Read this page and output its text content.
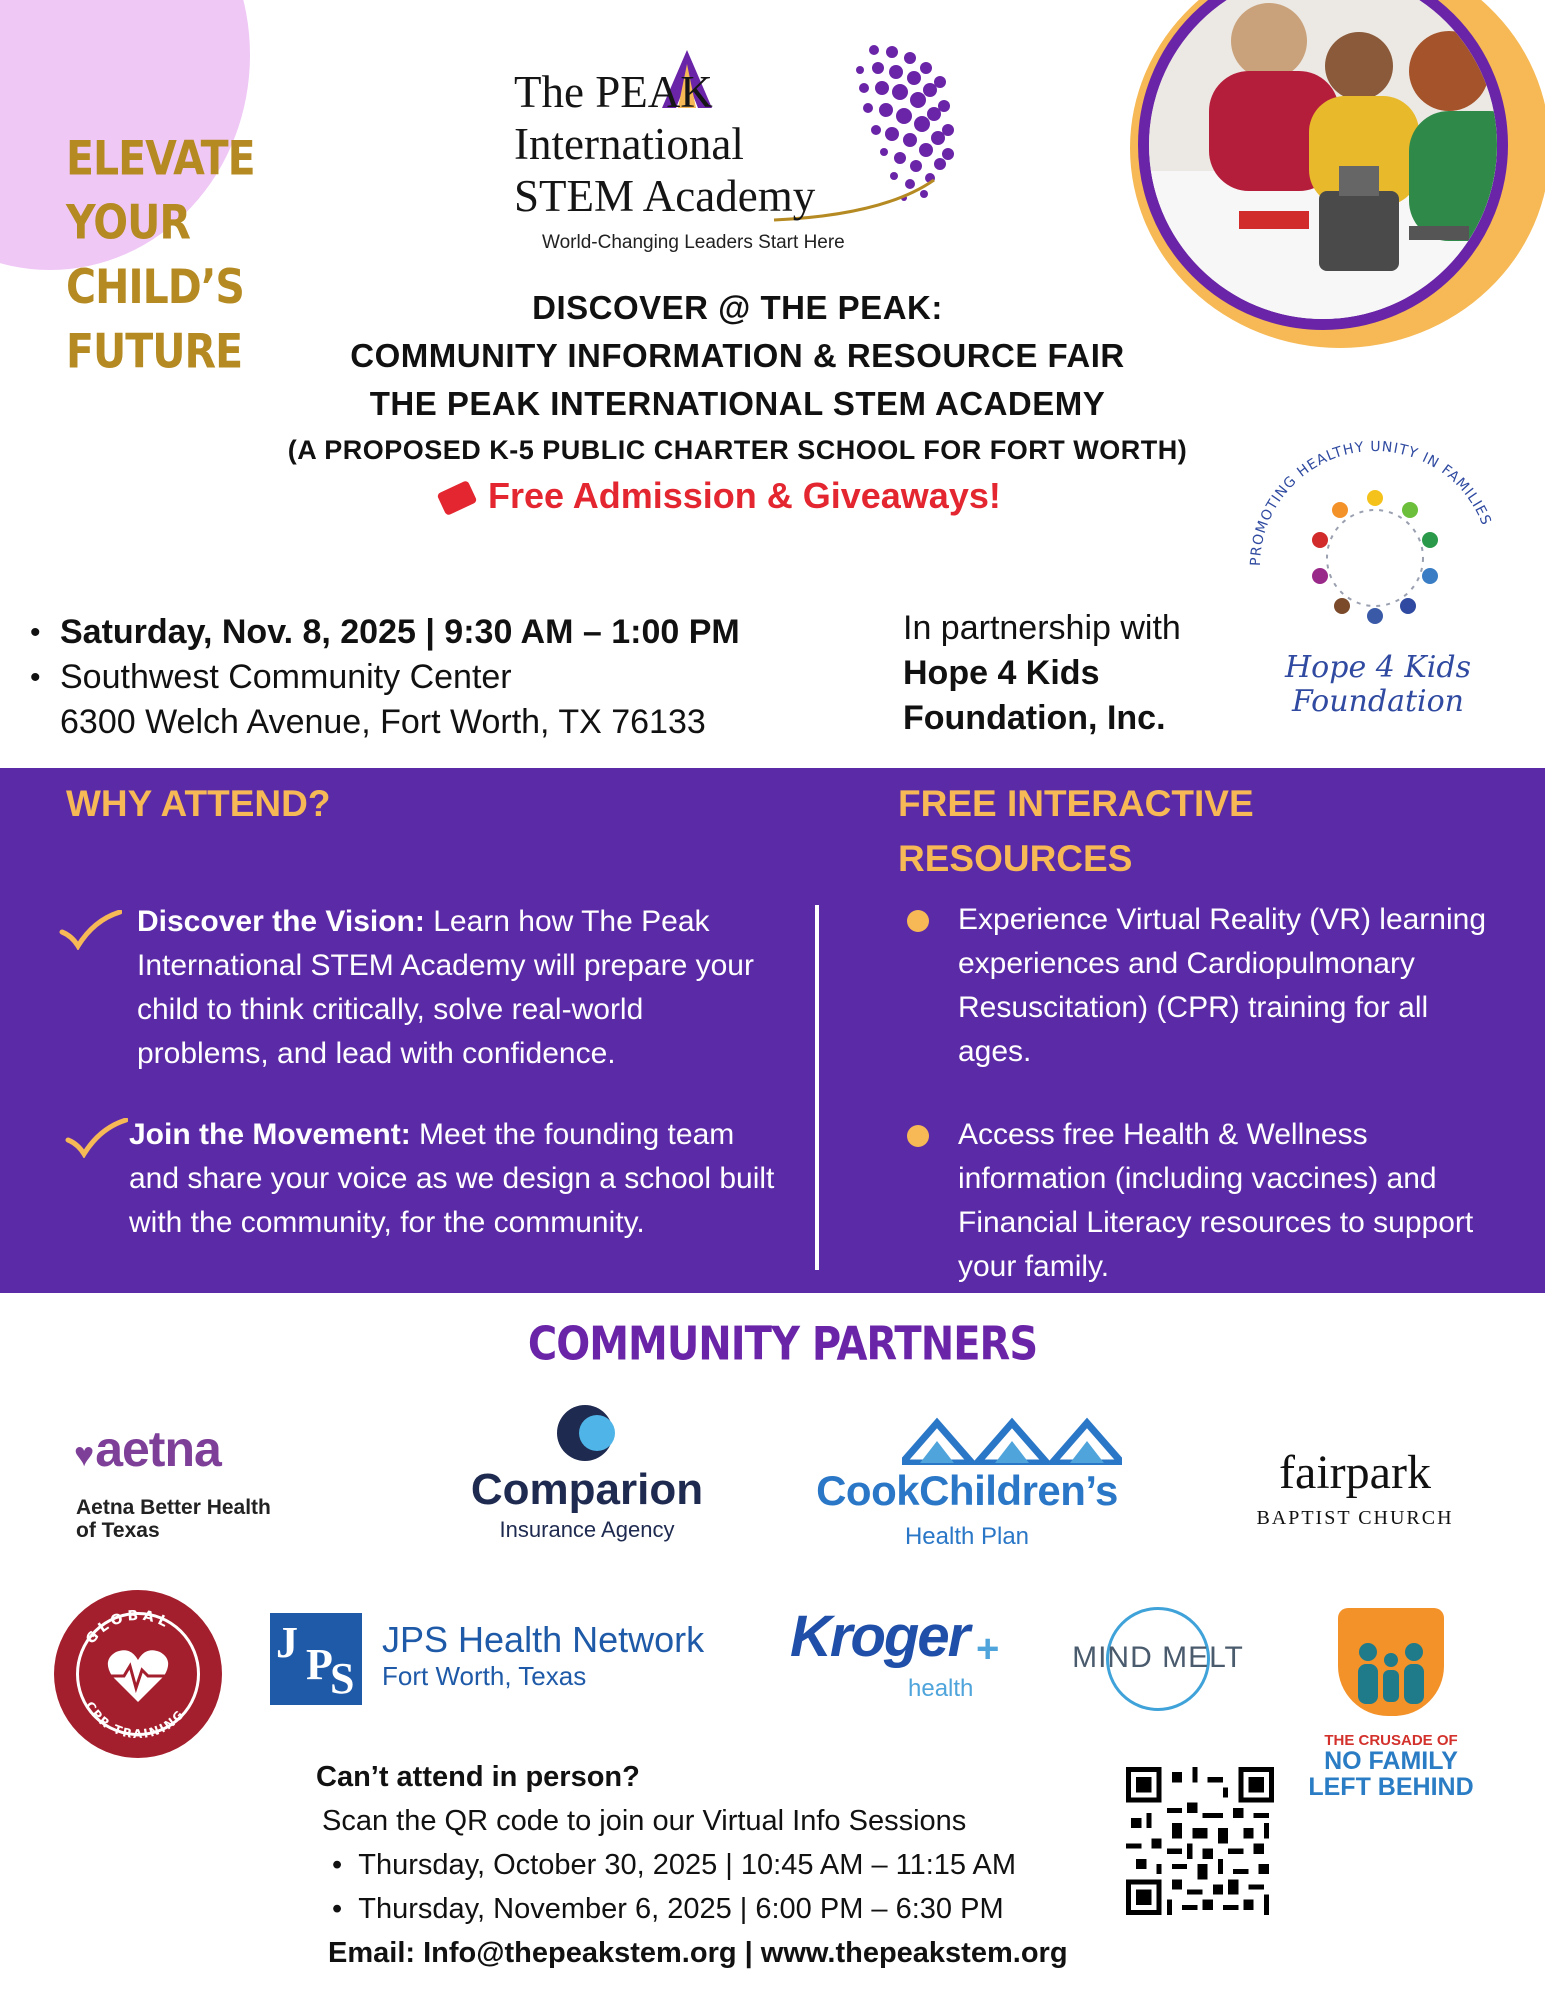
ELEVATE YOUR
CHILD’S FUTURE
The PEAK
International
STEM Academy
World-Changing Leaders Start Here
DISCOVER @ THE PEAK:
COMMUNITY INFORMATION & RESOURCE FAIR
THE PEAK INTERNATIONAL STEM ACADEMY
(A PROPOSED K-5 PUBLIC CHARTER SCHOOL FOR FORT WORTH)
Free Admission & Giveaways!
• Saturday, Nov. 8, 2025 | 9:30 AM – 1:00 PM
• Southwest Community Center
6300 Welch Avenue, Fort Worth, TX 76133
In partnership with
Hope 4 Kids
Foundation, Inc.
PROMOTING HEALTHY UNITY IN FAMILIES
Hope 4 Kids
Foundation
WHY ATTEND?	FREE INTERACTIVE RESOURCES
Discover the Vision: Learn how The Peak International STEM Academy will prepare your child to think critically, solve real-world problems, and lead with confidence.
Join the Movement: Meet the founding team and share your voice as we design a school built with the community, for the community.
Experience Virtual Reality (VR) learning experiences and Cardiopulmonary Resuscitation) (CPR) training for all ages.
Access free Health & Wellness information (including vaccines) and Financial Literacy resources to support your family.
COMMUNITY PARTNERS
♥aetna
Aetna Better Health
of Texas
Comparion
Insurance Agency
CookChildren’s
Health Plan
fairpark
BAPTIST CHURCH
GLOBAL
CPR TRAINING
J P
S
JPS Health Network
Fort Worth, Texas
Kroger +
health
MIND MELT
THE CRUSADE OF
NO FAMILY
LEFT BEHIND
Can’t attend in person?
Scan the QR code to join our Virtual Info Sessions
•  Thursday, October 30, 2025 | 10:45 AM – 11:15 AM
•  Thursday, November 6, 2025 | 6:00 PM – 6:30 PM
Email: Info@thepeakstem.org | www.thepeakstem.org
